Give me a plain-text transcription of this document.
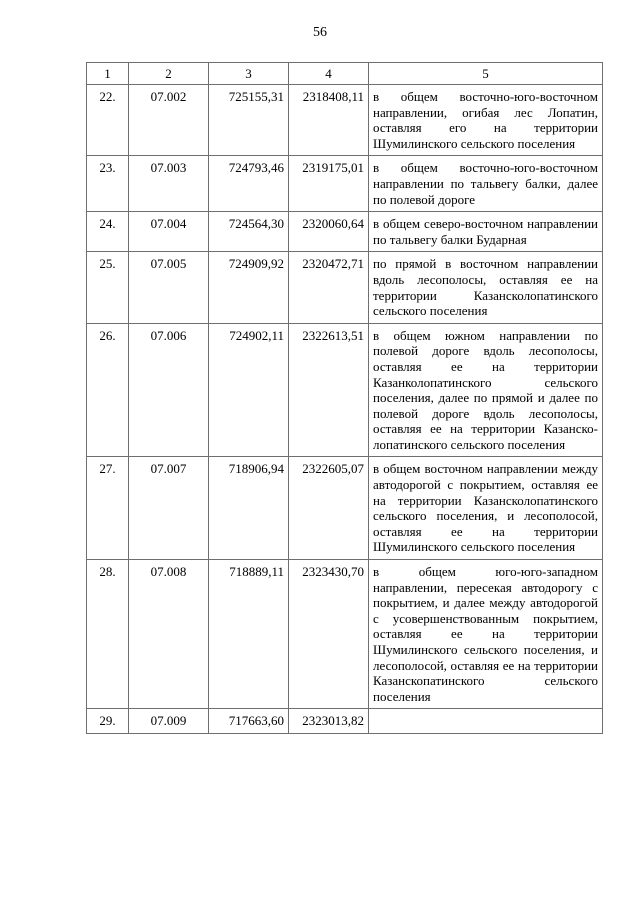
56
1	2	3	4	5
22.	07.002	725155,31	2318408,11	в общем восточно-юго-восточном направлении, огибая лес Лопатин, оставляя его на территории Шумилинского сельского поселения
23.	07.003	724793,46	2319175,01	в общем восточно-юго-восточном направлении по тальвегу балки, далее по полевой дороге
24.	07.004	724564,30	2320060,64	в общем северо-восточном направлении по тальвегу балки Бударная
25.	07.005	724909,92	2320472,71	по прямой в восточном направлении вдоль лесополосы, оставляя ее на территории Казансколопатинского сельского поселения
26.	07.006	724902,11	2322613,51	в общем южном направлении по полевой дороге вдоль лесополосы, оставляя ее на территории Казанколопатинского сельского поселения, далее по прямой и далее по полевой дороге вдоль лесополосы, оставляя ее на территории Казансколопатинского сельского поселения
27.	07.007	718906,94	2322605,07	в общем восточном направлении между автодорогой с покрытием, оставляя ее на территории Казансколопатинского сельского поселения, и лесополосой, оставляя ее на территории Шумилинского сельского поселения
28.	07.008	718889,11	2323430,70	в общем юго-юго-западном направлении, пересекая автодорогу с покрытием, и далее между автодорогой с усовершенствованным покрытием, оставляя ее на территории Шумилинского сельского поселения, и лесополосой, оставляя ее на территории Казанскопатинского сельского поселения
29.	07.009	717663,60	2323013,82	
